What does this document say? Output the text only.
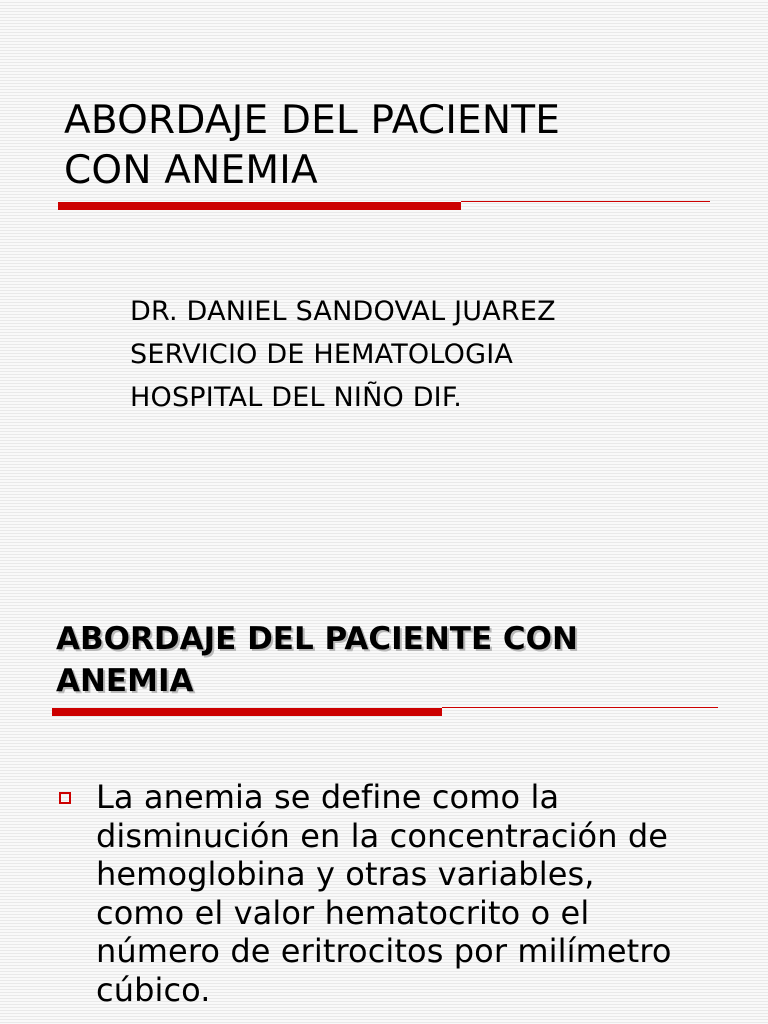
ABORDAJE DEL PACIENTE
CON ANEMIA
DR. DANIEL SANDOVAL JUAREZ
SERVICIO DE HEMATOLOGIA
HOSPITAL DEL NIÑO DIF.
ABORDAJE DEL PACIENTE CON
ANEMIA
La anemia se define como la
disminución en la concentración de
hemoglobina y otras variables,
como el valor hematocrito o el
número de eritrocitos por milímetro
cúbico.
